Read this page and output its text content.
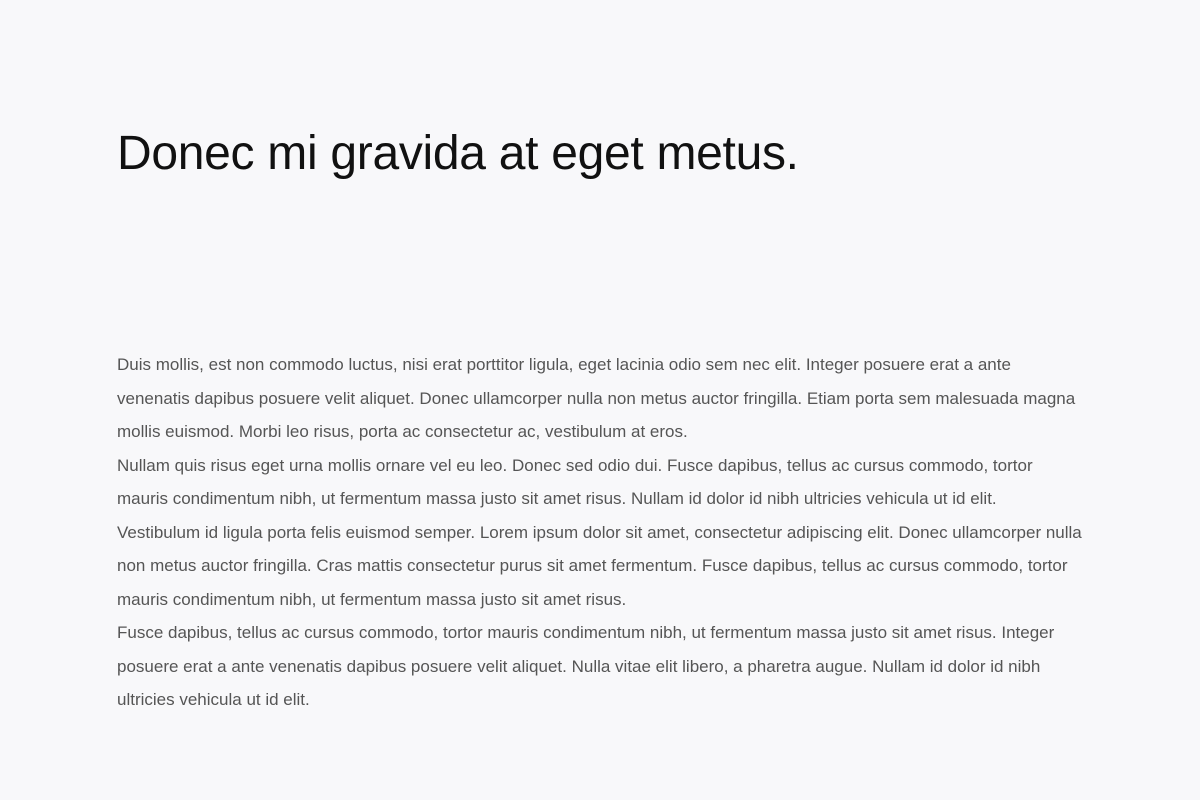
Donec mi gravida at eget metus.

Duis mollis, est non commodo luctus, nisi erat porttitor ligula, eget lacinia odio sem nec elit. Integer posuere erat a ante venenatis dapibus posuere velit aliquet. Donec ullamcorper nulla non metus auctor fringilla. Etiam porta sem malesuada magna mollis euismod. Morbi leo risus, porta ac consectetur ac, vestibulum at eros.

Nullam quis risus eget urna mollis ornare vel eu leo. Donec sed odio dui. Fusce dapibus, tellus ac cursus commodo, tortor mauris condimentum nibh, ut fermentum massa justo sit amet risus. Nullam id dolor id nibh ultricies vehicula ut id elit.

Vestibulum id ligula porta felis euismod semper. Lorem ipsum dolor sit amet, consectetur adipiscing elit. Donec ullamcorper nulla non metus auctor fringilla. Cras mattis consectetur purus sit amet fermentum. Fusce dapibus, tellus ac cursus commodo, tortor mauris condimentum nibh, ut fermentum massa justo sit amet risus.

Fusce dapibus, tellus ac cursus commodo, tortor mauris condimentum nibh, ut fermentum massa justo sit amet risus. Integer posuere erat a ante venenatis dapibus posuere velit aliquet. Nulla vitae elit libero, a pharetra augue. Nullam id dolor id nibh ultricies vehicula ut id elit.
